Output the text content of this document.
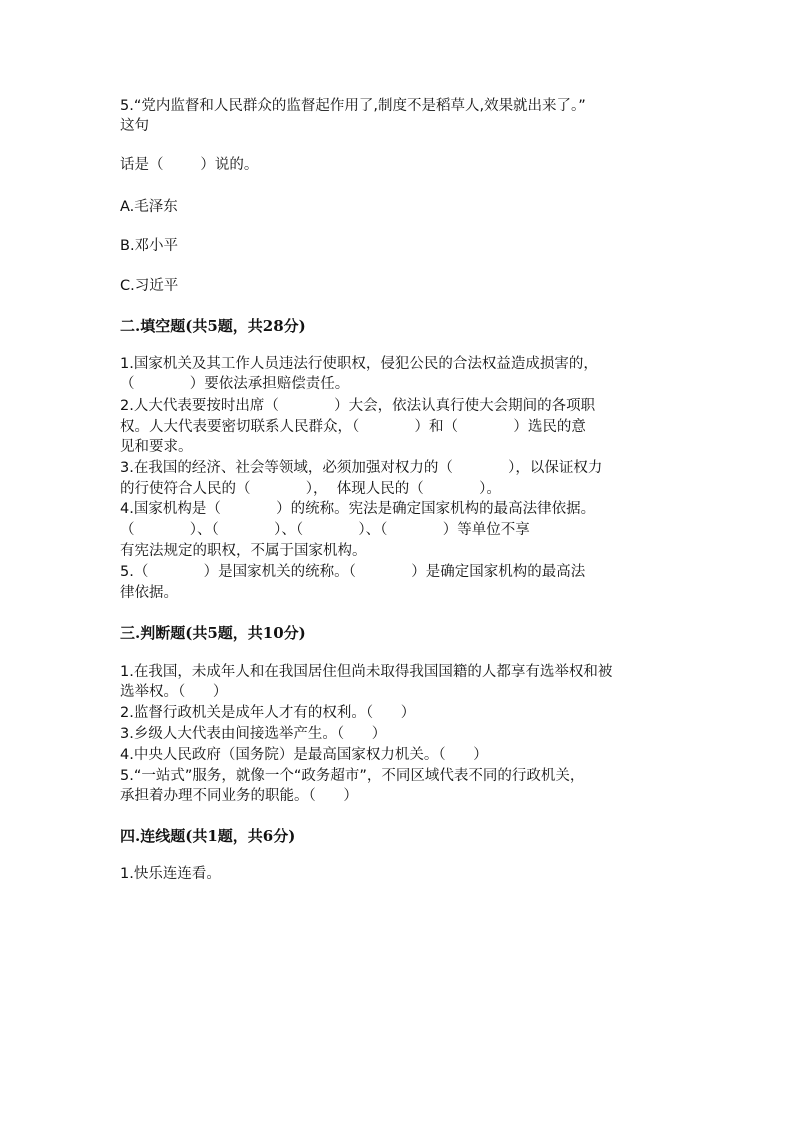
5.“党内监督和人民群众的监督起作用了,制度不是稻草人,效果就出来了。”
这句
话是（        ）说的。
A.毛泽东
B.邓小平
C.习近平
二.填空题(共5题，共28分)
1.国家机关及其工作人员违法行使职权，侵犯公民的合法权益造成损害的，
（            ）要依法承担赔偿责任。
2.人大代表要按时出席（            ）大会，依法认真行使大会期间的各项职
权。人大代表要密切联系人民群众，（            ）和（            ）选民的意
见和要求。
3.在我国的经济、社会等领域，必须加强对权力的（            ），以保证权力
的行使符合人民的（            ），  体现人民的（            ）。
4.国家机构是（            ）的统称。宪法是确定国家机构的最高法律依据。
（            ）、（            ）、（            ）、（            ）等单位不享
有宪法规定的职权，不属于国家机构。
5.（            ）是国家机关的统称。（            ）是确定国家机构的最高法
律依据。
三.判断题(共5题，共10分)
1.在我国，未成年人和在我国居住但尚未取得我国国籍的人都享有选举权和被
选举权。（      ）
2.监督行政机关是成年人才有的权利。（      ）
3.乡级人大代表由间接选举产生。（      ）
4.中央人民政府（国务院）是最高国家权力机关。（      ）
5.“一站式”服务，就像一个“政务超市”，不同区域代表不同的行政机关，
承担着办理不同业务的职能。（      ）
四.连线题(共1题，共6分)
1.快乐连连看。
